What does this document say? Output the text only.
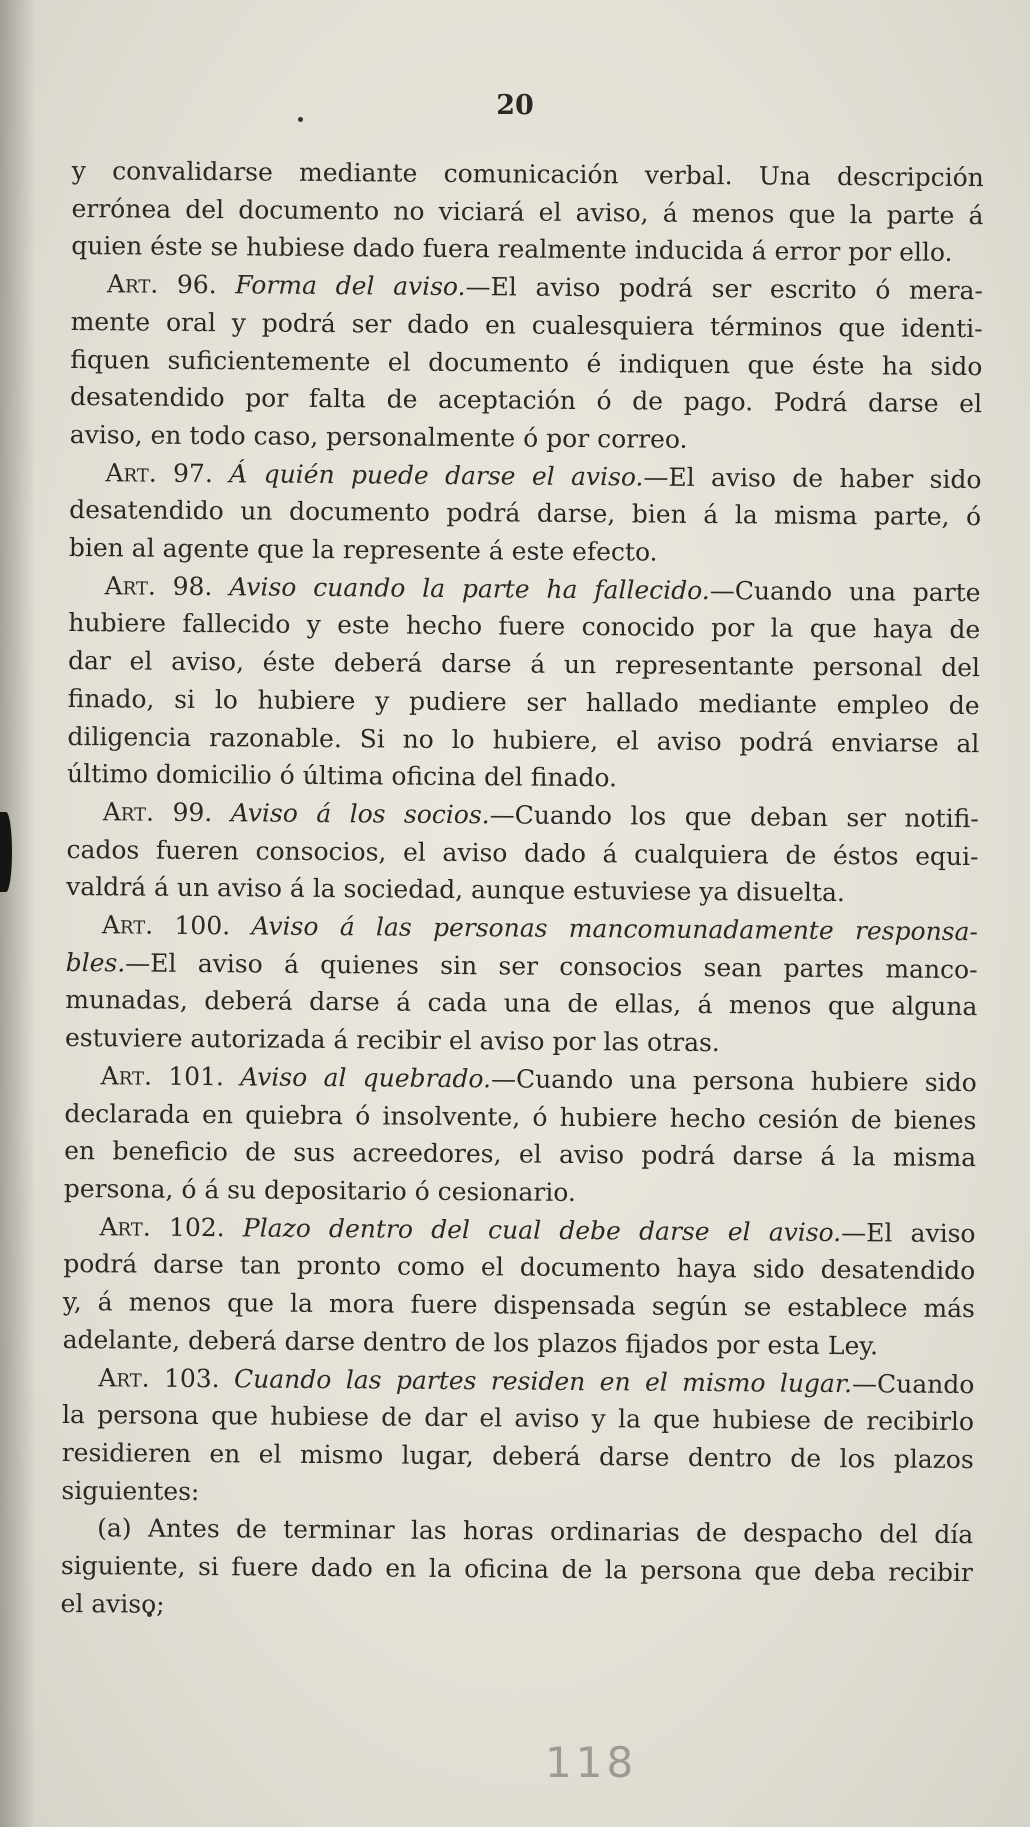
20
y convalidarse mediante comunicación verbal. Una descripción
errónea del documento no viciará el aviso, á menos que la parte á
quien éste se hubiese dado fuera realmente inducida á error por ello.
Art. 96. Forma del aviso.—El aviso podrá ser escrito ó mera-
mente oral y podrá ser dado en cualesquiera términos que identi-
fiquen suficientemente el documento é indiquen que éste ha sido
desatendido por falta de aceptación ó de pago. Podrá darse el
aviso, en todo caso, personalmente ó por correo.
Art. 97. Á quién puede darse el aviso.—El aviso de haber sido
desatendido un documento podrá darse, bien á la misma parte, ó
bien al agente que la represente á este efecto.
Art. 98. Aviso cuando la parte ha fallecido.—Cuando una parte
hubiere fallecido y este hecho fuere conocido por la que haya de
dar el aviso, éste deberá darse á un representante personal del
finado, si lo hubiere y pudiere ser hallado mediante empleo de
diligencia razonable. Si no lo hubiere, el aviso podrá enviarse al
último domicilio ó última oficina del finado.
Art. 99. Aviso á los socios.—Cuando los que deban ser notifi-
cados fueren consocios, el aviso dado á cualquiera de éstos equi-
valdrá á un aviso á la sociedad, aunque estuviese ya disuelta.
Art. 100. Aviso á las personas mancomunadamente responsa-
bles.—El aviso á quienes sin ser consocios sean partes manco-
munadas, deberá darse á cada una de ellas, á menos que alguna
estuviere autorizada á recibir el aviso por las otras.
Art. 101. Aviso al quebrado.—Cuando una persona hubiere sido
declarada en quiebra ó insolvente, ó hubiere hecho cesión de bienes
en beneficio de sus acreedores, el aviso podrá darse á la misma
persona, ó á su depositario ó cesionario.
Art. 102. Plazo dentro del cual debe darse el aviso.—El aviso
podrá darse tan pronto como el documento haya sido desatendido
y, á menos que la mora fuere dispensada según se establece más
adelante, deberá darse dentro de los plazos fijados por esta Ley.
Art. 103. Cuando las partes residen en el mismo lugar.—Cuando
la persona que hubiese de dar el aviso y la que hubiese de recibirlo
residieren en el mismo lugar, deberá darse dentro de los plazos
siguientes:
(a) Antes de terminar las horas ordinarias de despacho del día
siguiente, si fuere dado en la oficina de la persona que deba recibir
el aviso;
118
